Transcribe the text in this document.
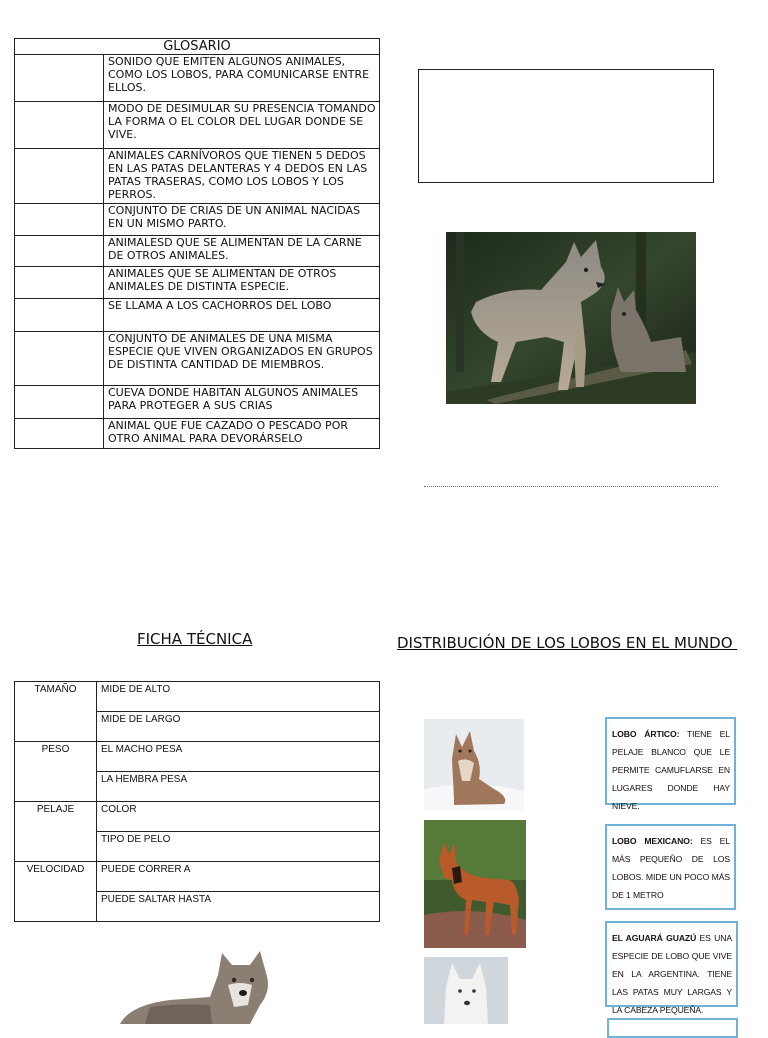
GLOSARIO	
	SONIDO QUE EMITEN ALGUNOS ANIMALES, COMO LOS LOBOS, PARA COMUNICARSE ENTRE ELLOS.
	MODO DE DESIMULAR SU PRESENCIA TOMANDO LA FORMA O EL COLOR DEL LUGAR DONDE SE VIVE.
	ANIMALES CARNÍVOROS QUE TIENEN 5 DEDOS EN LAS PATAS DELANTERAS Y 4 DEDOS EN LAS PATAS TRASERAS, COMO LOS LOBOS Y LOS PERROS.
	CONJUNTO DE CRIAS DE UN ANIMAL NACIDAS EN UN MISMO PARTO.
	ANIMALESD QUE SE ALIMENTAN DE LA CARNE DE OTROS ANIMALES.
	ANIMALES QUE SE ALIMENTAN DE OTROS ANIMALES DE DISTINTA ESPECIE.
	SE LLAMA A LOS CACHORROS DEL LOBO
	CONJUNTO DE ANIMALES DE UNA MISMA ESPECIE QUE VIVEN ORGANIZADOS EN GRUPOS DE DISTINTA CANTIDAD DE MIEMBROS.
	CUEVA DONDE HABITAN ALGUNOS ANIMALES PARA PROTEGER A SUS CRIAS
	ANIMAL QUE FUE CAZADO O PESCADO POR OTRO ANIMAL PARA DEVORÁRSELO
FICHA TÉCNICA	DISTRIBUCIÓN DE LOS LOBOS EN EL MUNDO
TAMAÑO	MIDE DE ALTO
	MIDE DE LARGO
PESO	EL MACHO PESA
	LA HEMBRA PESA
PELAJE	COLOR
	TIPO DE PELO
VELOCIDAD	PUEDE CORRER A
	PUEDE SALTAR HASTA
LOBO ÁRTICO: TIENE EL PELAJE BLANCO QUE LE PERMITE CAMUFLARSE EN LUGARES DONDE HAY NIEVE.
LOBO MEXICANO: ES EL MÁS PEQUEÑO DE LOS LOBOS. MIDE UN POCO MÁS DE 1 METRO
EL AGUARÁ GUAZÚ ES UNA ESPECIE DE LOBO QUE VIVE EN LA ARGENTINA. TIENE LAS PATAS MUY LARGAS Y LA CABEZA PEQUEÑA.
